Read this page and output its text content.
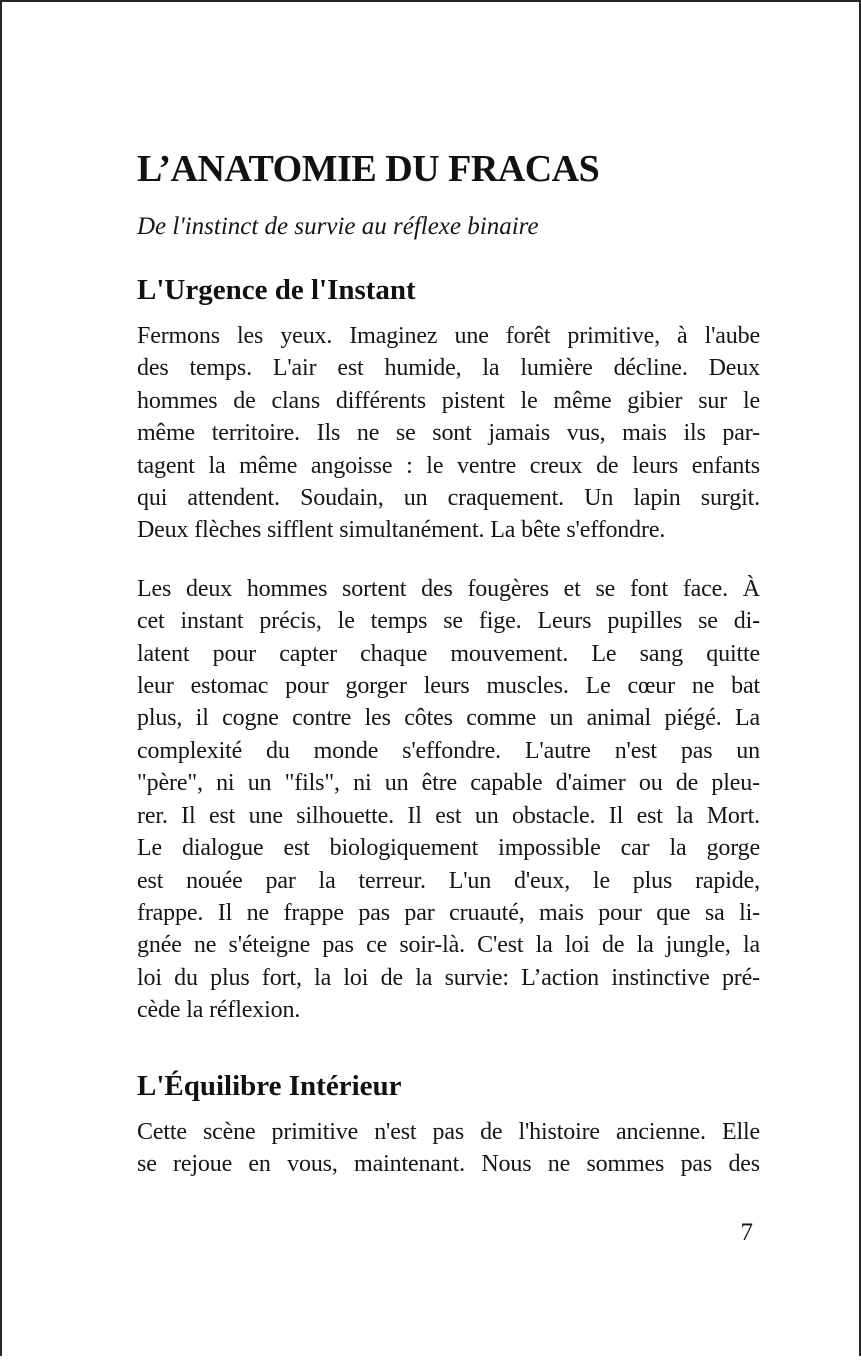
L’ANATOMIE DU FRACAS
De l'instinct de survie au réflexe binaire
L'Urgence de l'Instant
Fermons les yeux. Imaginez une forêt primitive, à l'aube
des temps. L'air est humide, la lumière décline. Deux
hommes de clans différents pistent le même gibier sur le
même territoire. Ils ne se sont jamais vus, mais ils par-
tagent la même angoisse : le ventre creux de leurs enfants
qui attendent. Soudain, un craquement. Un lapin surgit.
Deux flèches sifflent simultanément. La bête s'effondre.
Les deux hommes sortent des fougères et se font face. À
cet instant précis, le temps se fige. Leurs pupilles se di-
latent pour capter chaque mouvement. Le sang quitte
leur estomac pour gorger leurs muscles. Le cœur ne bat
plus, il cogne contre les côtes comme un animal piégé. La
complexité du monde s'effondre. L'autre n'est pas un
"père", ni un "fils", ni un être capable d'aimer ou de pleu-
rer. Il est une silhouette. Il est un obstacle. Il est la Mort.
Le dialogue est biologiquement impossible car la gorge
est nouée par la terreur. L'un d'eux, le plus rapide,
frappe. Il ne frappe pas par cruauté, mais pour que sa li-
gnée ne s'éteigne pas ce soir-là. C'est la loi de la jungle, la
loi du plus fort, la loi de la survie: L’action instinctive pré-
cède la réflexion.
L'Équilibre Intérieur
Cette scène primitive n'est pas de l'histoire ancienne. Elle
se rejoue en vous, maintenant. Nous ne sommes pas des
7
